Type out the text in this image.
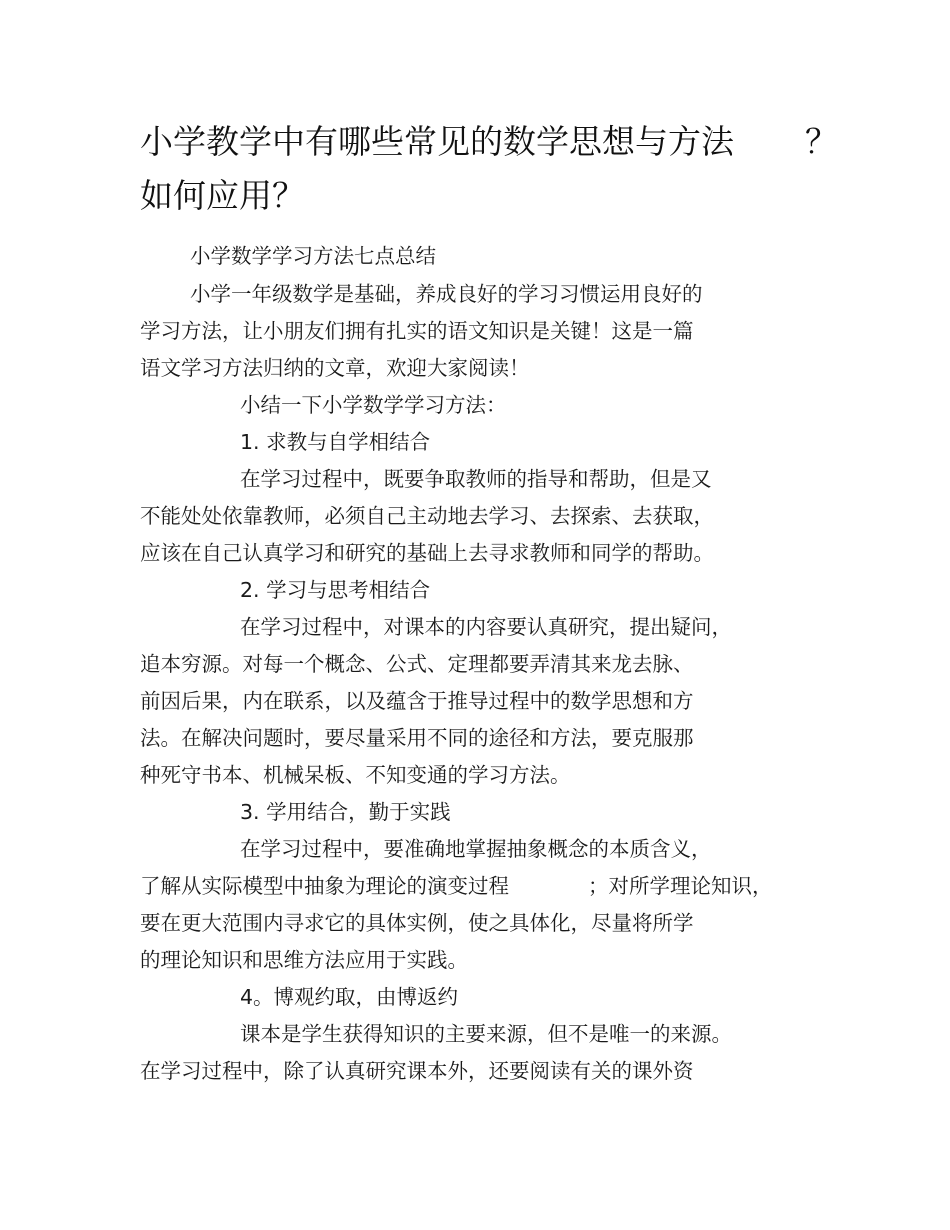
小学教学中有哪些常见的数学思想与方法 ？
如何应用？
小学数学学习方法七点总结
小学一年级数学是基础，养成良好的学习习惯运用良好的
学习方法，让小朋友们拥有扎实的语文知识是关键！这是一篇
语文学习方法归纳的文章，欢迎大家阅读！
小结一下小学数学学习方法：
1. 求教与自学相结合
在学习过程中，既要争取教师的指导和帮助，但是又
不能处处依靠教师，必须自己主动地去学习、去探索、去获取，
应该在自己认真学习和研究的基础上去寻求教师和同学的帮助。
2. 学习与思考相结合
在学习过程中，对课本的内容要认真研究，提出疑问，
追本穷源。对每一个概念、公式、定理都要弄清其来龙去脉、
前因后果，内在联系，以及蕴含于推导过程中的数学思想和方
法。在解决问题时，要尽量采用不同的途径和方法，要克服那
种死守书本、机械呆板、不知变通的学习方法。
3. 学用结合，勤于实践
在学习过程中，要准确地掌握抽象概念的本质含义，
了解从实际模型中抽象为理论的演变过程	；对所学理论知识，
要在更大范围内寻求它的具体实例，使之具体化，尽量将所学
的理论知识和思维方法应用于实践。
4。博观约取，由博返约
课本是学生获得知识的主要来源，但不是唯一的来源。
在学习过程中，除了认真研究课本外，还要阅读有关的课外资
